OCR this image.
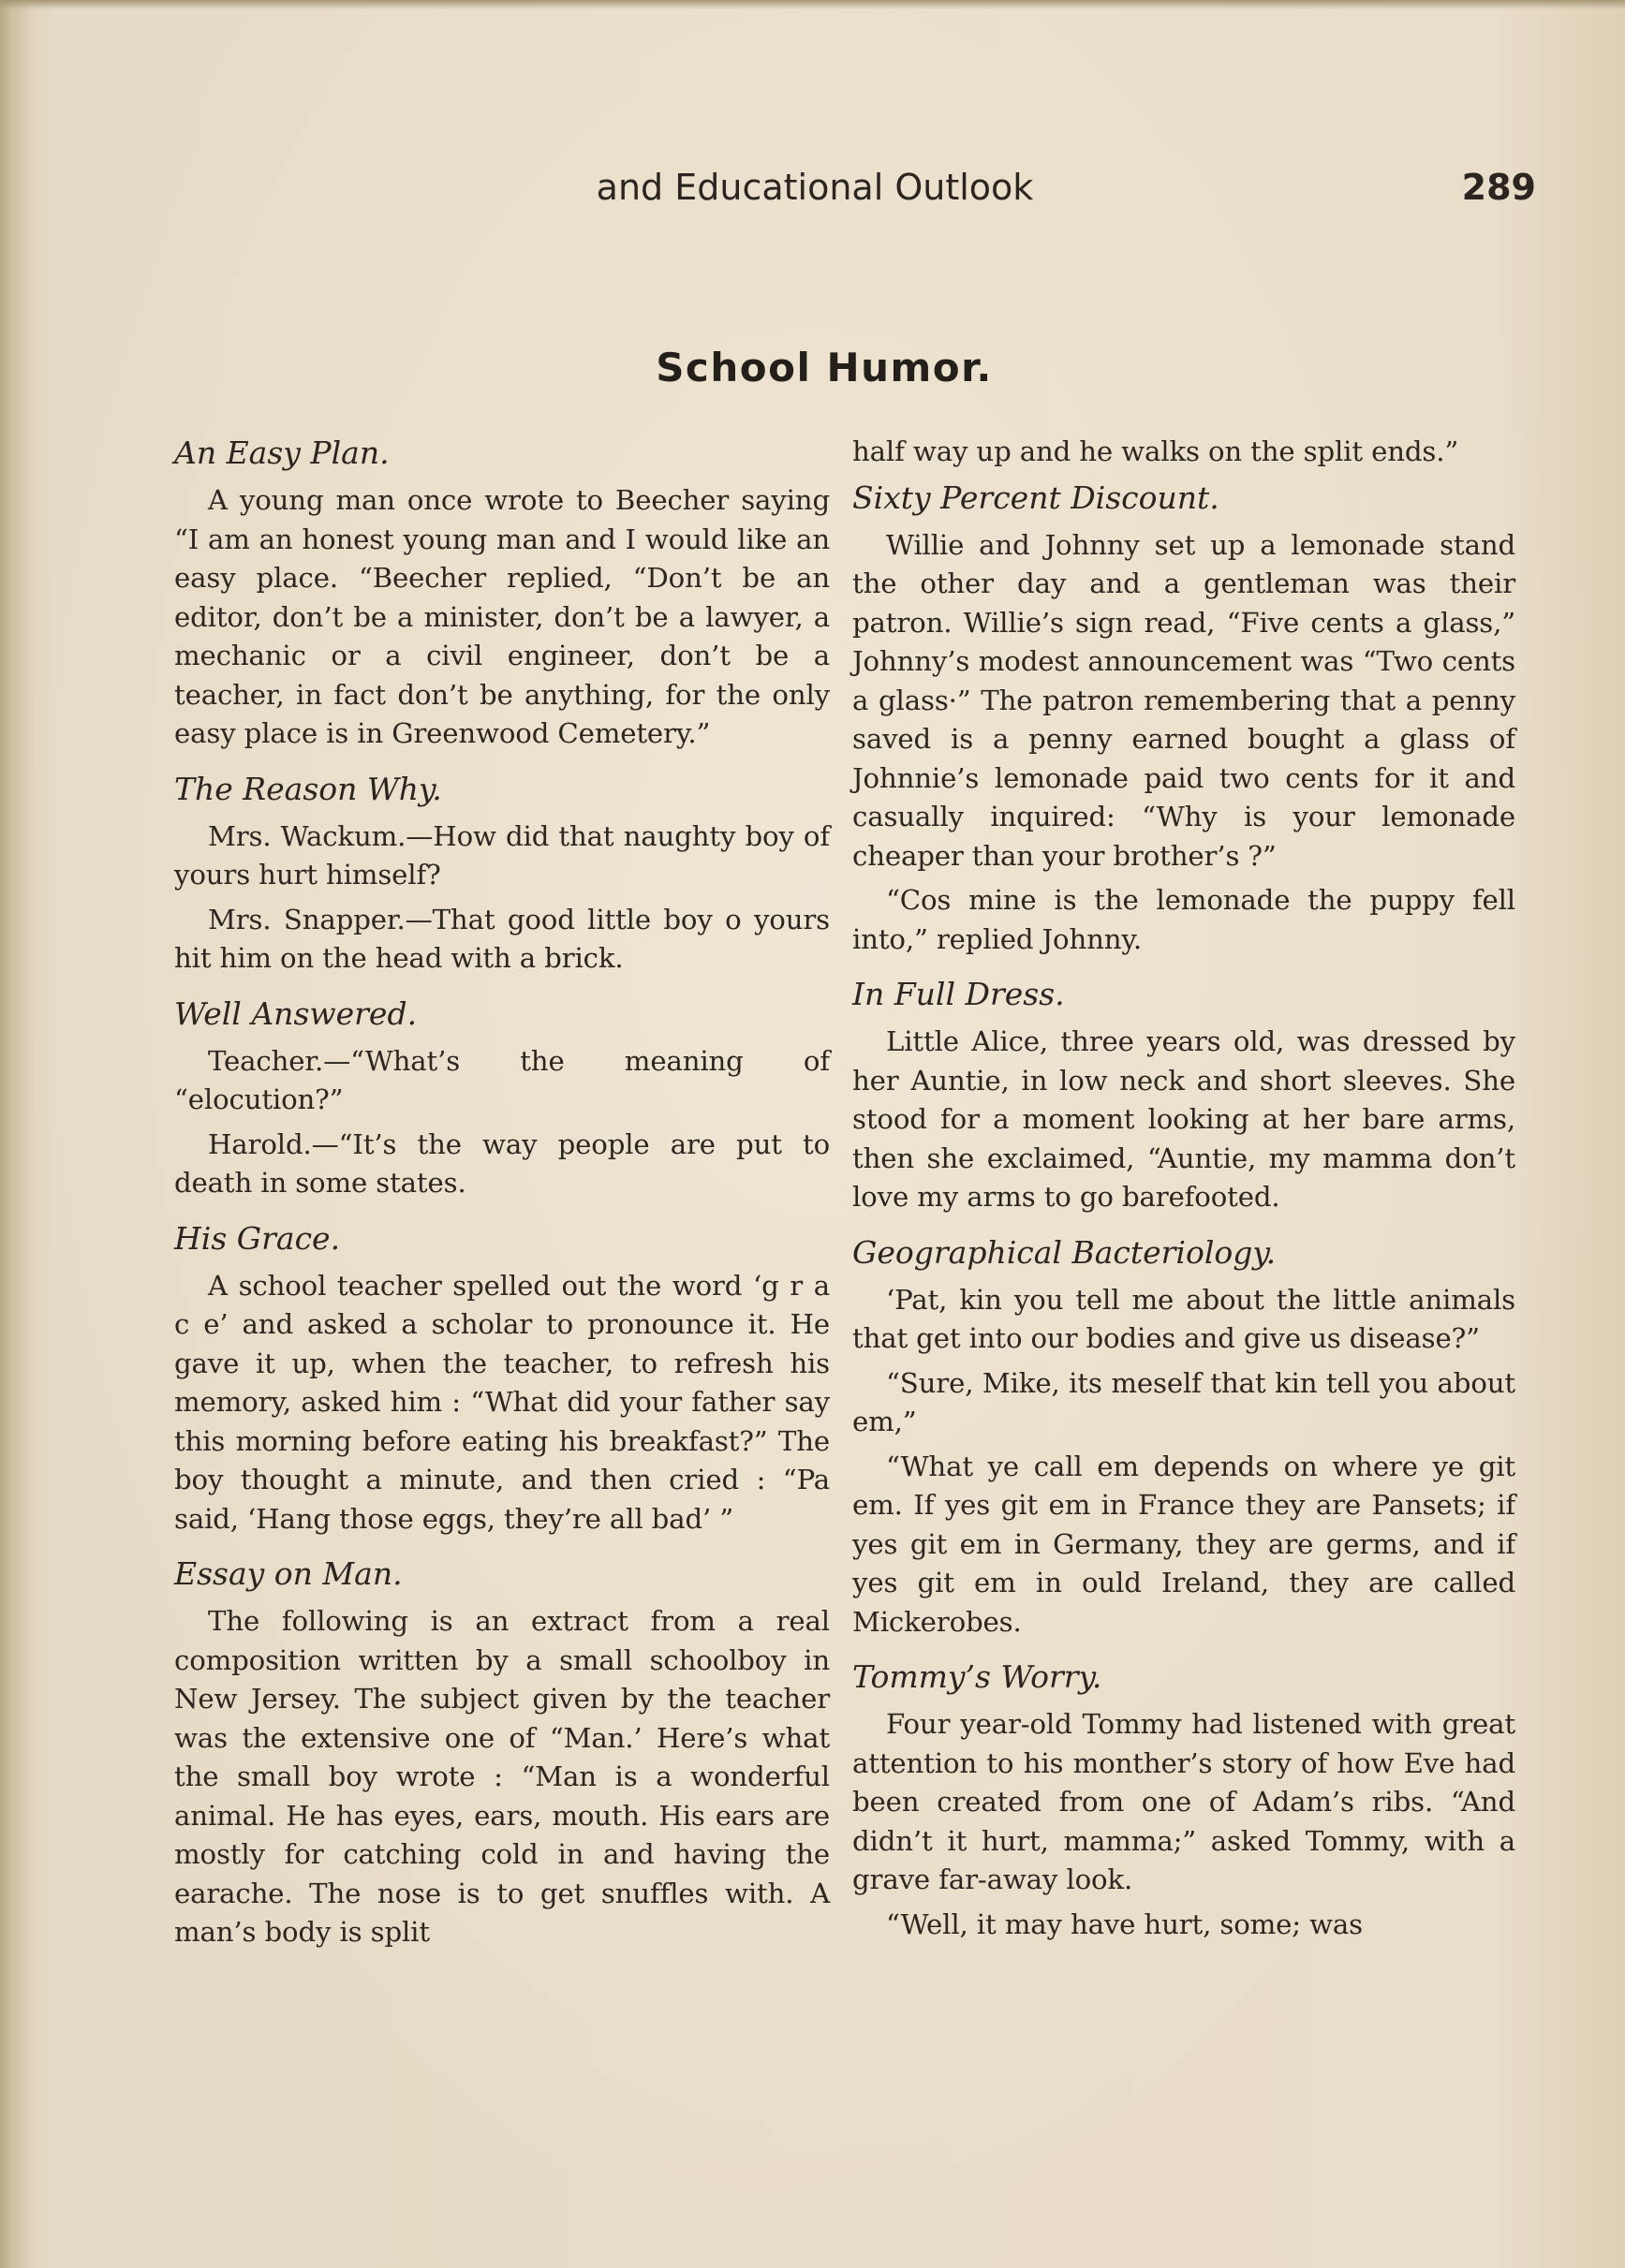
and Educational Outlook	289
School Humor.
An Easy Plan.

A young man once wrote to Beecher saying “I am an honest young man and I would like an easy place. “Beecher replied, “Don’t be an editor, don’t be a minister, don’t be a lawyer, a mechanic or a civil engineer, don’t be a teacher, in fact don’t be anything, for the only easy place is in Greenwood Cemetery.”

The Reason Why.

Mrs. Wackum.—How did that naughty boy of yours hurt himself?

Mrs. Snapper.—That good little boy o yours hit him on the head with a brick.

Well Answered.

Teacher.—“What’s the meaning of “elocution?”

Harold.—“It’s the way people are put to death in some states.

His Grace.

A school teacher spelled out the word ‘g r a c e’ and asked a scholar to pronounce it. He gave it up, when the teacher, to refresh his memory, asked him : “What did your father say this morning before eating his breakfast?” The boy thought a minute, and then cried : “Pa said, ‘Hang those eggs, they’re all bad’ ”

Essay on Man.

The following is an extract from a real composition written by a small schoolboy in New Jersey. The subject given by the teacher was the extensive one of “Man.’ Here’s what the small boy wrote : “Man is a wonderful animal. He has eyes, ears, mouth. His ears are mostly for catching cold in and having the earache. The nose is to get snuffles with. A man’s body is split

half way up and he walks on the split ends.”

Sixty Percent Discount.

Willie and Johnny set up a lemonade stand the other day and a gentleman was their patron. Willie’s sign read, “Five cents a glass,” Johnny’s modest announcement was “Two cents a glass·” The patron remembering that a penny saved is a penny earned bought a glass of Johnnie’s lemonade paid two cents for it and casually inquired: “Why is your lemonade cheaper than your brother’s ?”

“Cos mine is the lemonade the puppy fell into,” replied Johnny.

In Full Dress.

Little Alice, three years old, was dressed by her Auntie, in low neck and short sleeves. She stood for a moment looking at her bare arms, then she exclaimed, “Auntie, my mamma don’t love my arms to go barefooted.

Geographical Bacteriology.

‘Pat, kin you tell me about the little animals that get into our bodies and give us disease?”

“Sure, Mike, its meself that kin tell you about em,”

“What ye call em depends on where ye git em. If yes git em in France they are Pansets; if yes git em in Germany, they are germs, and if yes git em in ould Ireland, they are called Mickerobes.

Tommy’s Worry.

Four year-old Tommy had listened with great attention to his monther’s story of how Eve had been created from one of Adam’s ribs. “And didn’t it hurt, mamma;” asked Tommy, with a grave far-away look.

“Well, it may have hurt, some; was
